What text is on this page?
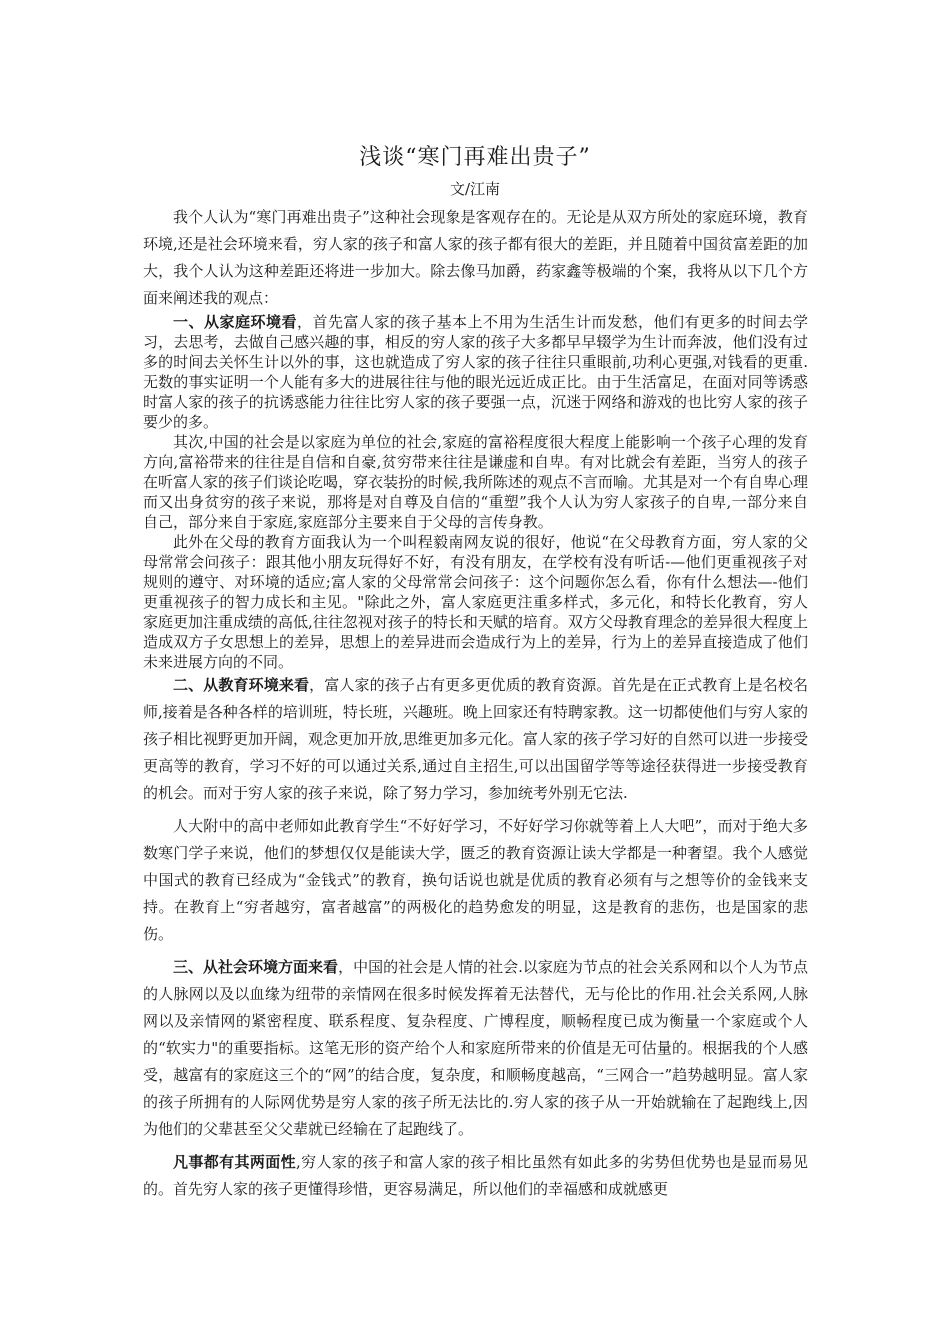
浅谈“寒门再难出贵子”
文/江南

我个人认为“寒门再难出贵子”这种社会现象是客观存在的。无论是从双方所处的家庭环境，教育环境,还是社会环境来看，穷人家的孩子和富人家的孩子都有很大的差距，并且随着中国贫富差距的加大，我个人认为这种差距还将进一步加大。除去像马加爵，药家鑫等极端的个案，我将从以下几个方面来阐述我的观点：

一、从家庭环境看，首先富人家的孩子基本上不用为生活生计而发愁，他们有更多的时间去学习，去思考，去做自己感兴趣的事，相反的穷人家的孩子大多都早早辍学为生计而奔波，他们没有过多的时间去关怀生计以外的事，这也就造成了穷人家的孩子往往只重眼前,功利心更强,对钱看的更重.无数的事实证明一个人能有多大的进展往往与他的眼光远近成正比。由于生活富足，在面对同等诱惑时富人家的孩子的抗诱惑能力往往比穷人家的孩子要强一点，沉迷于网络和游戏的也比穷人家的孩子要少的多。

其次,中国的社会是以家庭为单位的社会,家庭的富裕程度很大程度上能影响一个孩子心理的发育方向,富裕带来的往往是自信和自豪,贫穷带来往往是谦虚和自卑。有对比就会有差距，当穷人的孩子在听富人家的孩子们谈论吃喝，穿衣装扮的时候,我所陈述的观点不言而喻。尤其是对一个有自卑心理而又出身贫穷的孩子来说，那将是对自尊及自信的“重塑”我个人认为穷人家孩子的自卑,一部分来自自己，部分来自于家庭,家庭部分主要来自于父母的言传身教。

此外在父母的教育方面我认为一个叫程毅南网友说的很好，他说“在父母教育方面，穷人家的父母常常会问孩子：跟其他小朋友玩得好不好，有没有朋友，在学校有没有听话-—他们更重视孩子对规则的遵守、对环境的适应;富人家的父母常常会问孩子：这个问题你怎么看，你有什么想法—-他们更重视孩子的智力成长和主见。"除此之外，富人家庭更注重多样式，多元化，和特长化教育，穷人家庭更加注重成绩的高低,往往忽视对孩子的特长和天赋的培育。双方父母教育理念的差异很大程度上造成双方子女思想上的差异，思想上的差异进而会造成行为上的差异，行为上的差异直接造成了他们未来进展方向的不同。

二、从教育环境来看，富人家的孩子占有更多更优质的教育资源。首先是在正式教育上是名校名师,接着是各种各样的培训班，特长班，兴趣班。晚上回家还有特聘家教。这一切都使他们与穷人家的孩子相比视野更加开阔，观念更加开放,思维更加多元化。富人家的孩子学习好的自然可以进一步接受更高等的教育，学习不好的可以通过关系,通过自主招生,可以出国留学等等途径获得进一步接受教育的机会。而对于穷人家的孩子来说，除了努力学习，参加统考外别无它法.

人大附中的高中老师如此教育学生“不好好学习，不好好学习你就等着上人大吧”，而对于绝大多数寒门学子来说，他们的梦想仅仅是能读大学，匮乏的教育资源让读大学都是一种奢望。我个人感觉中国式的教育已经成为“金钱式”的教育，换句话说也就是优质的教育必须有与之想等价的金钱来支持。在教育上“穷者越穷，富者越富”的两极化的趋势愈发的明显，这是教育的悲伤，也是国家的悲伤。

三、从社会环境方面来看，中国的社会是人情的社会.以家庭为节点的社会关系网和以个人为节点的人脉网以及以血缘为纽带的亲情网在很多时候发挥着无法替代，无与伦比的作用.社会关系网,人脉网以及亲情网的紧密程度、联系程度、复杂程度、广博程度，顺畅程度已成为衡量一个家庭或个人的“软实力"的重要指标。这笔无形的资产给个人和家庭所带来的价值是无可估量的。根据我的个人感受，越富有的家庭这三个的“网”的结合度，复杂度，和顺畅度越高，“三网合一”趋势越明显。富人家的孩子所拥有的人际网优势是穷人家的孩子所无法比的.穷人家的孩子从一开始就输在了起跑线上,因为他们的父辈甚至父父辈就已经输在了起跑线了。

凡事都有其两面性,穷人家的孩子和富人家的孩子相比虽然有如此多的劣势但优势也是显而易见的。首先穷人家的孩子更懂得珍惜，更容易满足，所以他们的幸福感和成就感更
